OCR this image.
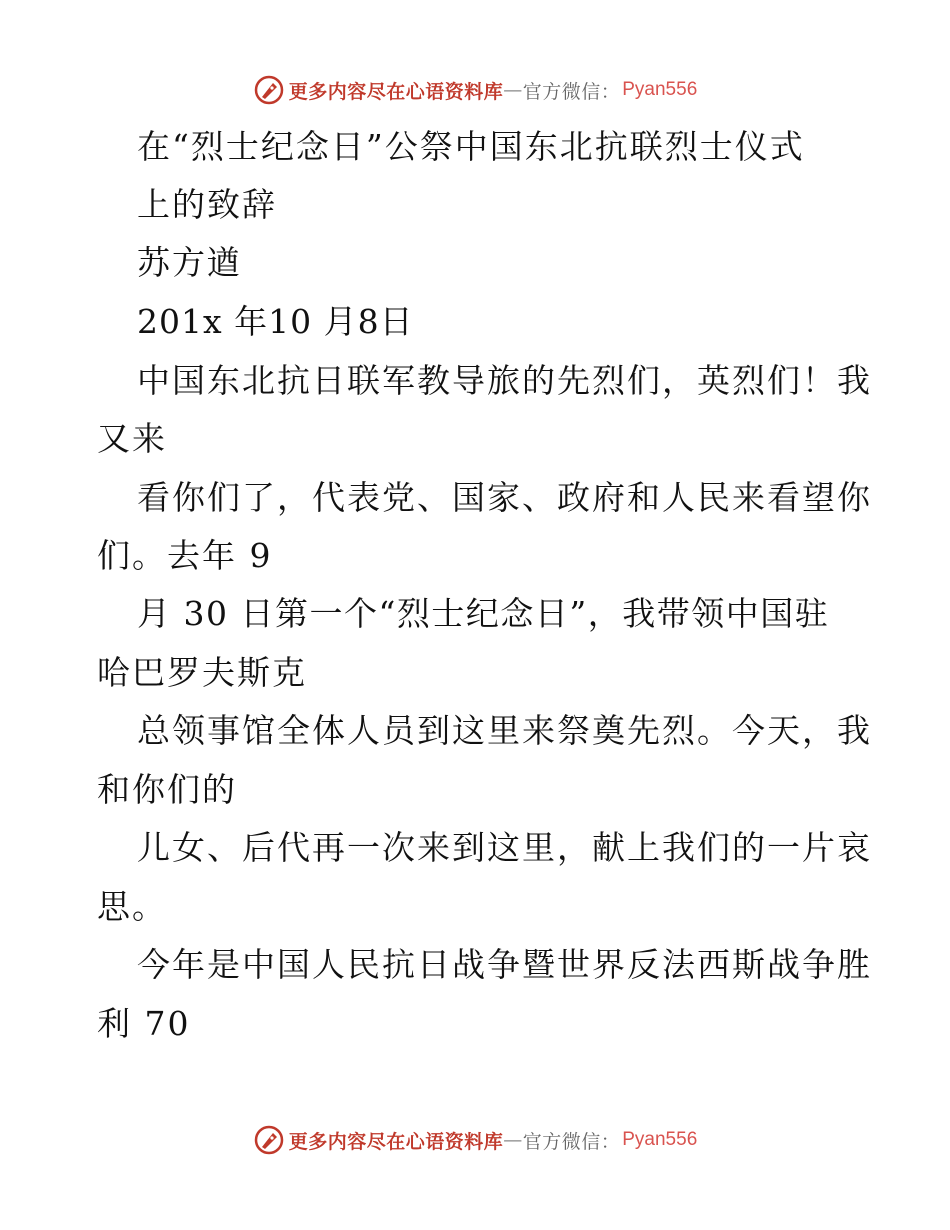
更多内容尽在心语资料库 — 官方微信： Pyan556
在“烈士纪念日”公祭中国东北抗联烈士仪式
上的致辞
苏方遒
201x 年10 月8日
中国东北抗日联军教导旅的先烈们，英烈们！我
又来
看你们了，代表党、国家、政府和人民来看望你
们。去年 9
月 30 日第一个“烈士纪念日”，我带领中国驻
哈巴罗夫斯克
总领事馆全体人员到这里来祭奠先烈。今天，我
和你们的
儿女、后代再一次来到这里，献上我们的一片哀
思。
今年是中国人民抗日战争暨世界反法西斯战争胜
利 70
更多内容尽在心语资料库 — 官方微信： Pyan556
